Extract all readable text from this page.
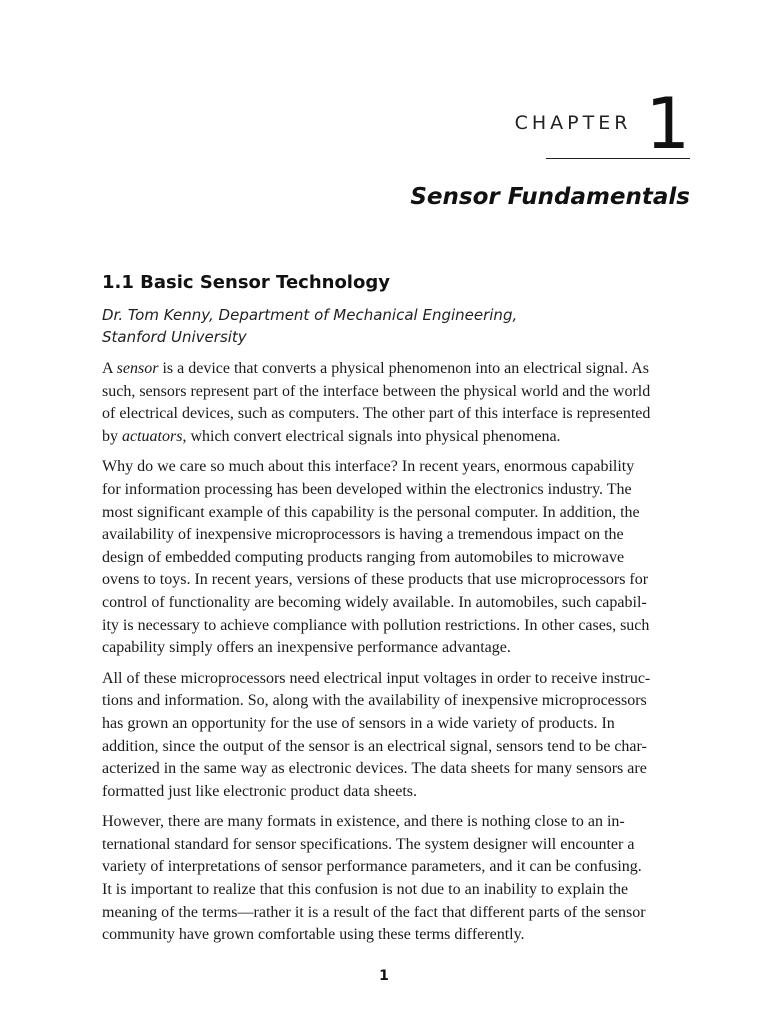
CHAPTER 1
Sensor Fundamentals
1.1 Basic Sensor Technology

Dr. Tom Kenny, Department of Mechanical Engineering,
Stanford University

A sensor is a device that converts a physical phenomenon into an electrical signal. As
such, sensors represent part of the interface between the physical world and the world
of electrical devices, such as computers. The other part of this interface is represented
by actuators, which convert electrical signals into physical phenomena.

Why do we care so much about this interface? In recent years, enormous capability
for information processing has been developed within the electronics industry. The
most significant example of this capability is the personal computer. In addition, the
availability of inexpensive microprocessors is having a tremendous impact on the
design of embedded computing products ranging from automobiles to microwave
ovens to toys. In recent years, versions of these products that use microprocessors for
control of functionality are becoming widely available. In automobiles, such capabil-
ity is necessary to achieve compliance with pollution restrictions. In other cases, such
capability simply offers an inexpensive performance advantage.

All of these microprocessors need electrical input voltages in order to receive instruc-
tions and information. So, along with the availability of inexpensive microprocessors
has grown an opportunity for the use of sensors in a wide variety of products. In
addition, since the output of the sensor is an electrical signal, sensors tend to be char-
acterized in the same way as electronic devices. The data sheets for many sensors are
formatted just like electronic product data sheets.

However, there are many formats in existence, and there is nothing close to an in-
ternational standard for sensor specifications. The system designer will encounter a
variety of interpretations of sensor performance parameters, and it can be confusing.
It is important to realize that this confusion is not due to an inability to explain the
meaning of the terms—rather it is a result of the fact that different parts of the sensor
community have grown comfortable using these terms differently.

1
